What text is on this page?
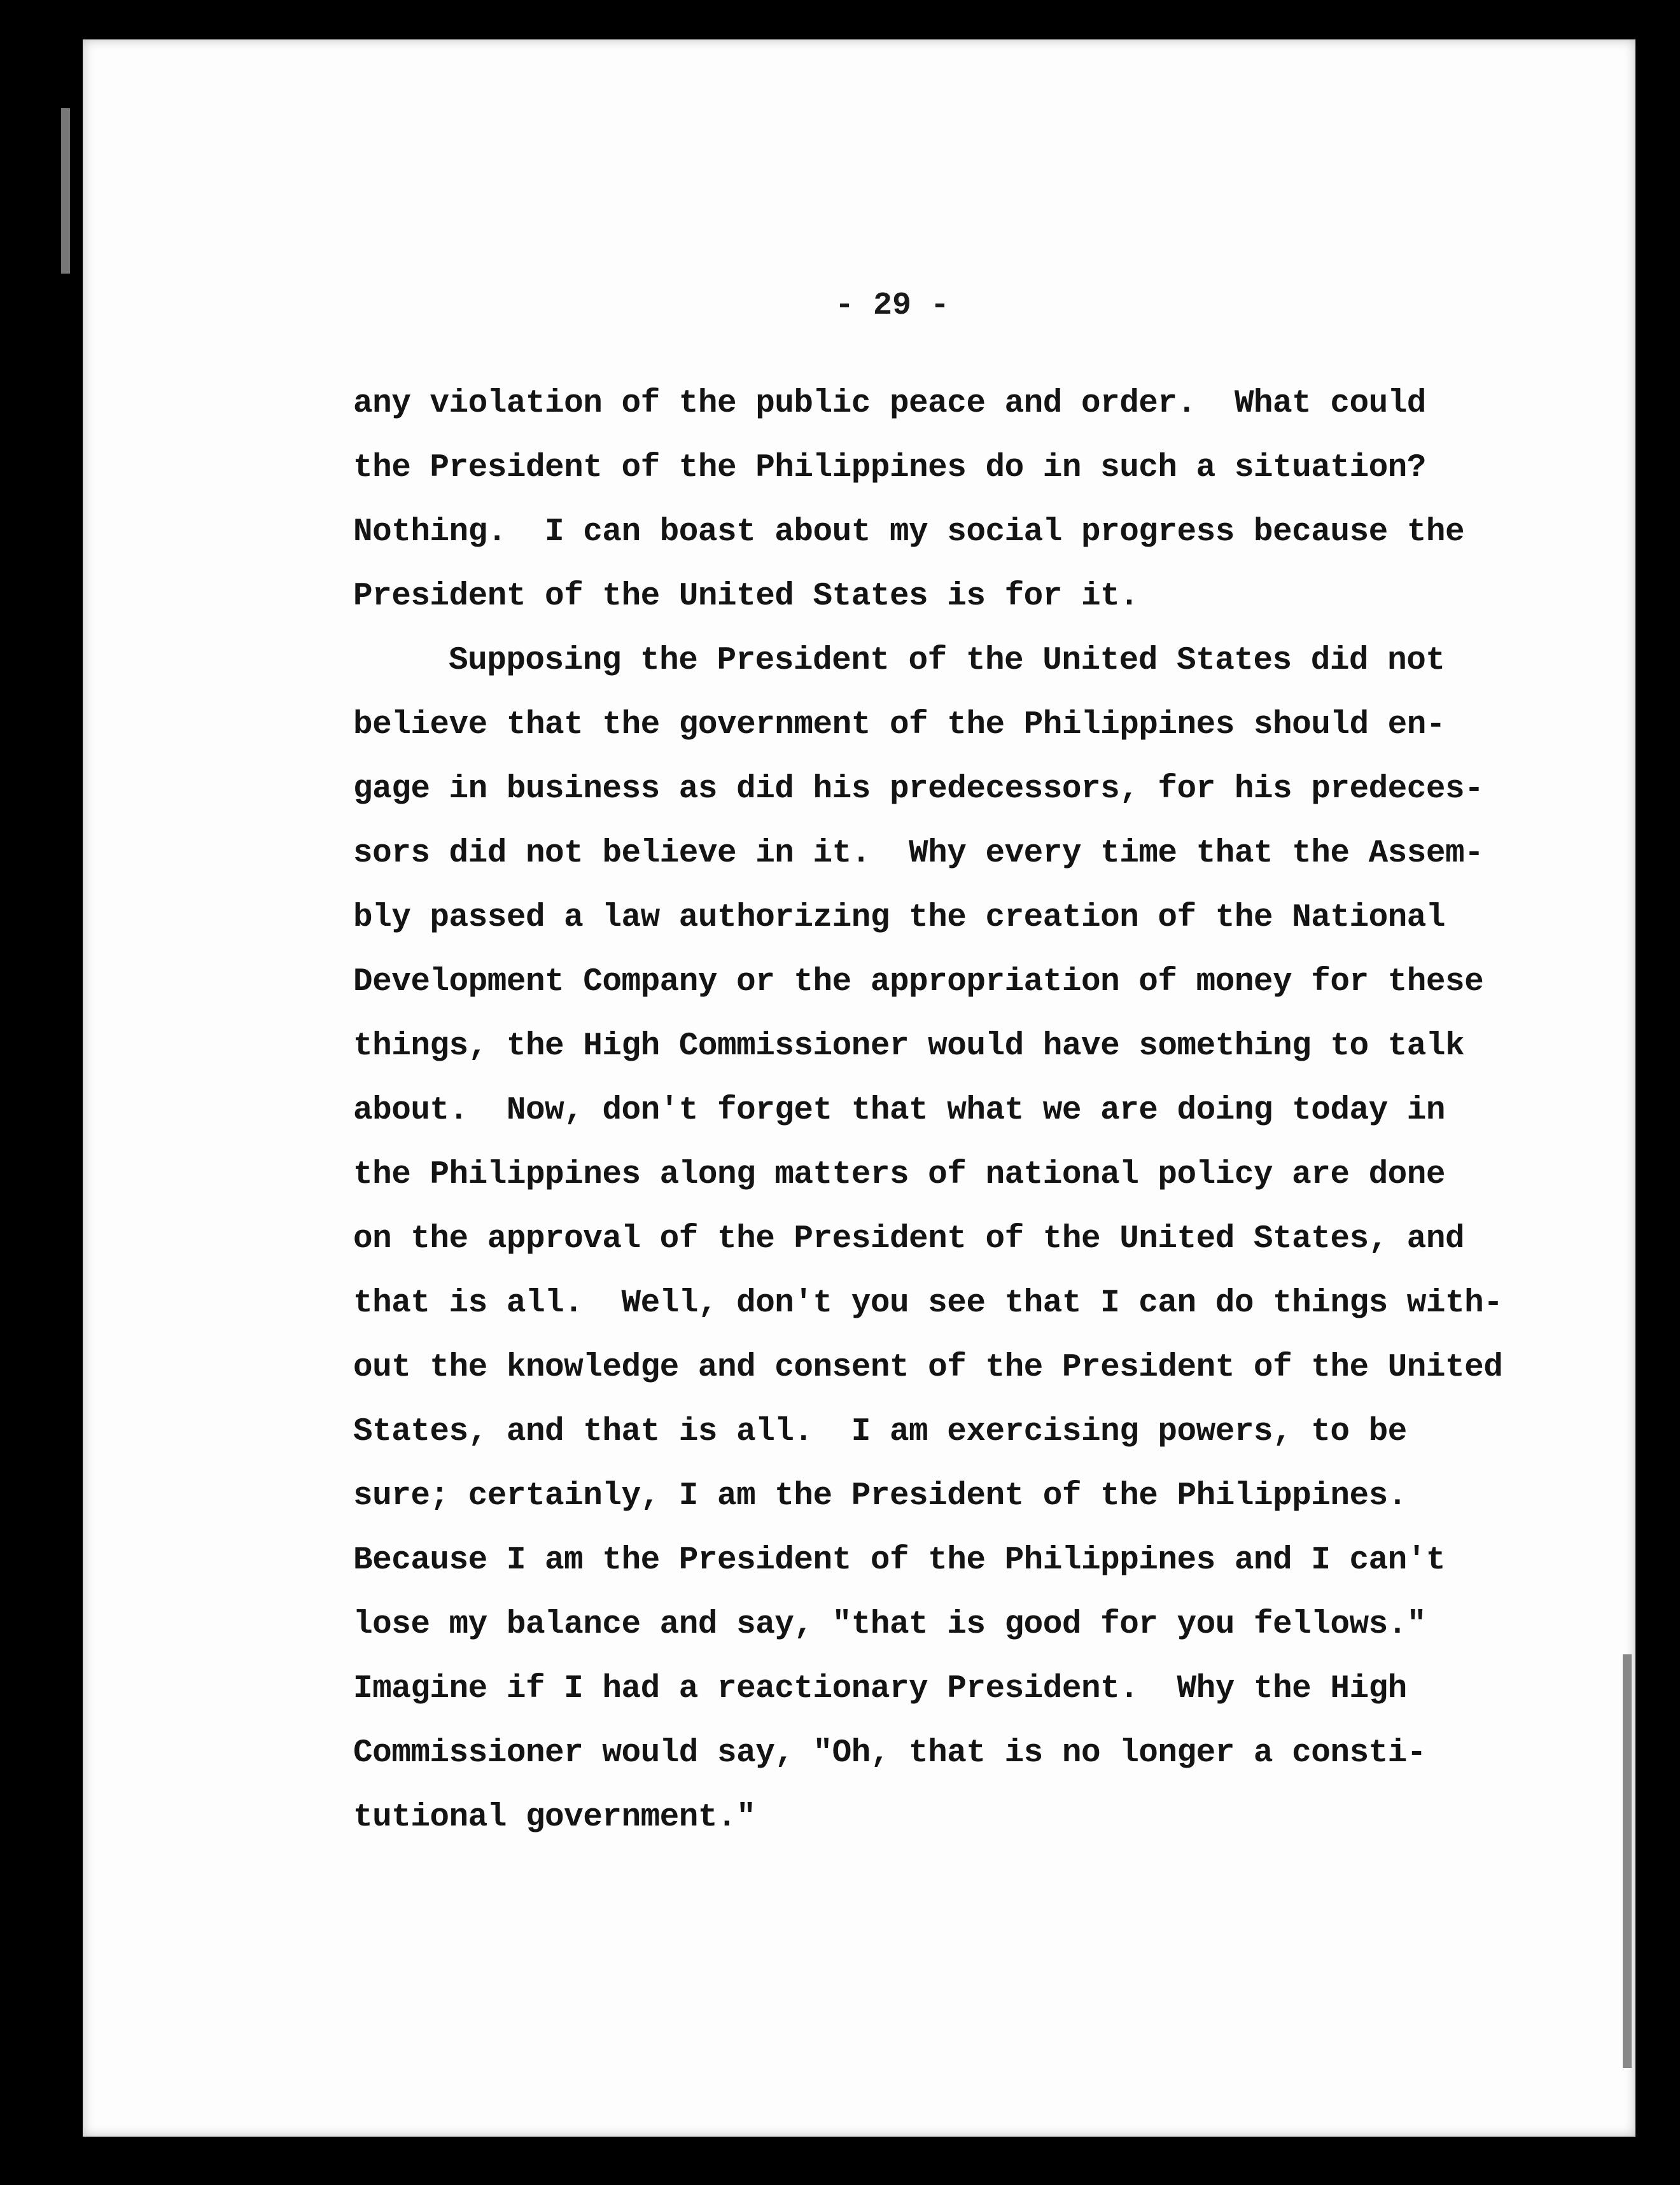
- 29 -
any violation of the public peace and order.  What could
the President of the Philippines do in such a situation?
Nothing.  I can boast about my social progress because the
President of the United States is for it.
Supposing the President of the United States did not
believe that the government of the Philippines should en-
gage in business as did his predecessors, for his predeces-
sors did not believe in it.  Why every time that the Assem-
bly passed a law authorizing the creation of the National
Development Company or the appropriation of money for these
things, the High Commissioner would have something to talk
about.  Now, don't forget that what we are doing today in
the Philippines along matters of national policy are done
on the approval of the President of the United States, and
that is all.  Well, don't you see that I can do things with-
out the knowledge and consent of the President of the United
States, and that is all.  I am exercising powers, to be
sure; certainly, I am the President of the Philippines.
Because I am the President of the Philippines and I can't
lose my balance and say, "that is good for you fellows."
Imagine if I had a reactionary President.  Why the High
Commissioner would say, "Oh, that is no longer a consti-
tutional government."
